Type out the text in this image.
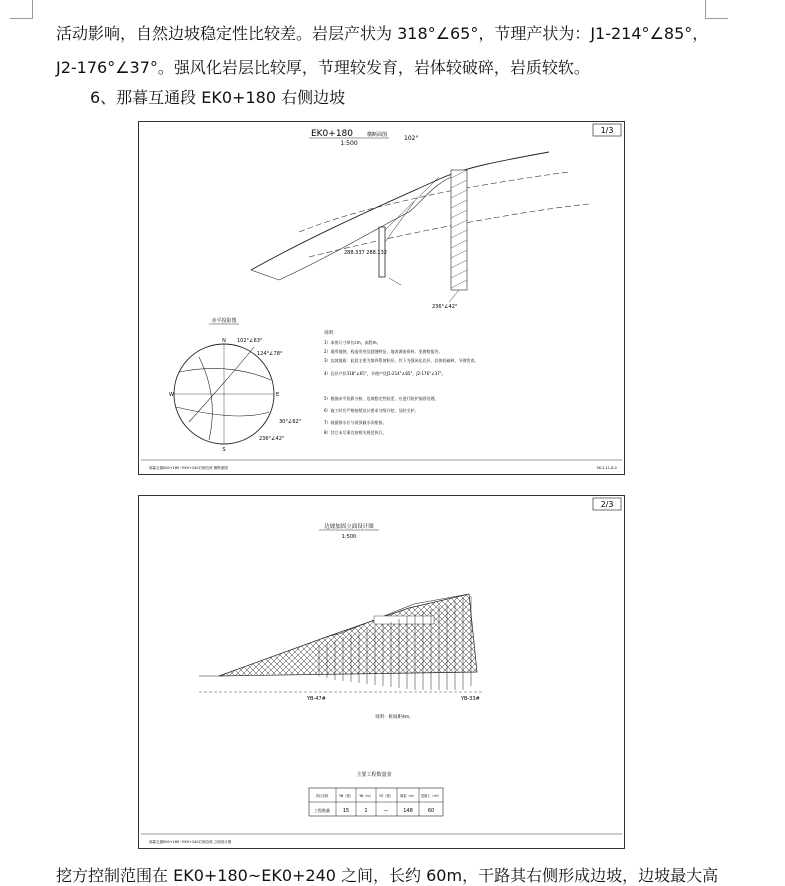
活动影响，自然边坡稳定性比较差。岩层产状为 318°∠65°，节理产状为：J1-214°∠85°，
J2-176°∠37°。强风化岩层比较厚，节理较发育，岩体较破碎，岩质较软。
6、那暮互通段 EK0+180 右侧边坡
1/3
EK0+180	横断面图
1:500
102°
288.337 288.132
236°∠42°
赤平投影图
N
W	E
S
102°∠63°
124°∠78°
30°∠62°
236°∠42°
说明：
1）本图尺寸单位cm，高程m。
2）地形地貌，构造形迹及裂缝特征，地表调查资料，见勘察报告。
3）边坡地质：此段主要为第四系坡积层，其下为强风化岩层，岩体较破碎，节理发育。
4）岩层产状318°∠65°，节理产状J1-214°∠85°，J2-176°∠37°。
5）根据赤平投影分析，边坡稳定性较差，应进行防护加固处理。
6）施工时应严格按照设计要求分级开挖，及时支护。
7）坡面排水应与坡顶截水沟衔接。
8）其它未尽事宜按相关规范执行。
那暮互通EK0+180~EK0+240右侧边坡 横断面图	SK-2-11-8-2
2/3
边坡加固立面设计图
1:500
YB-47#	YB-33#
说明：桩间距4m。
主要工程数量表
项目名称	YB（根） YB（m） YZ（根） 锚索（m） 混凝土（m³）
工程数量	15	1	—	148	60
那暮互通EK0+180~EK0+240右侧边坡 立面设计图
挖方控制范围在 EK0+180~EK0+240 之间，长约 60m，干路其右侧形成边坡，边坡最大高
